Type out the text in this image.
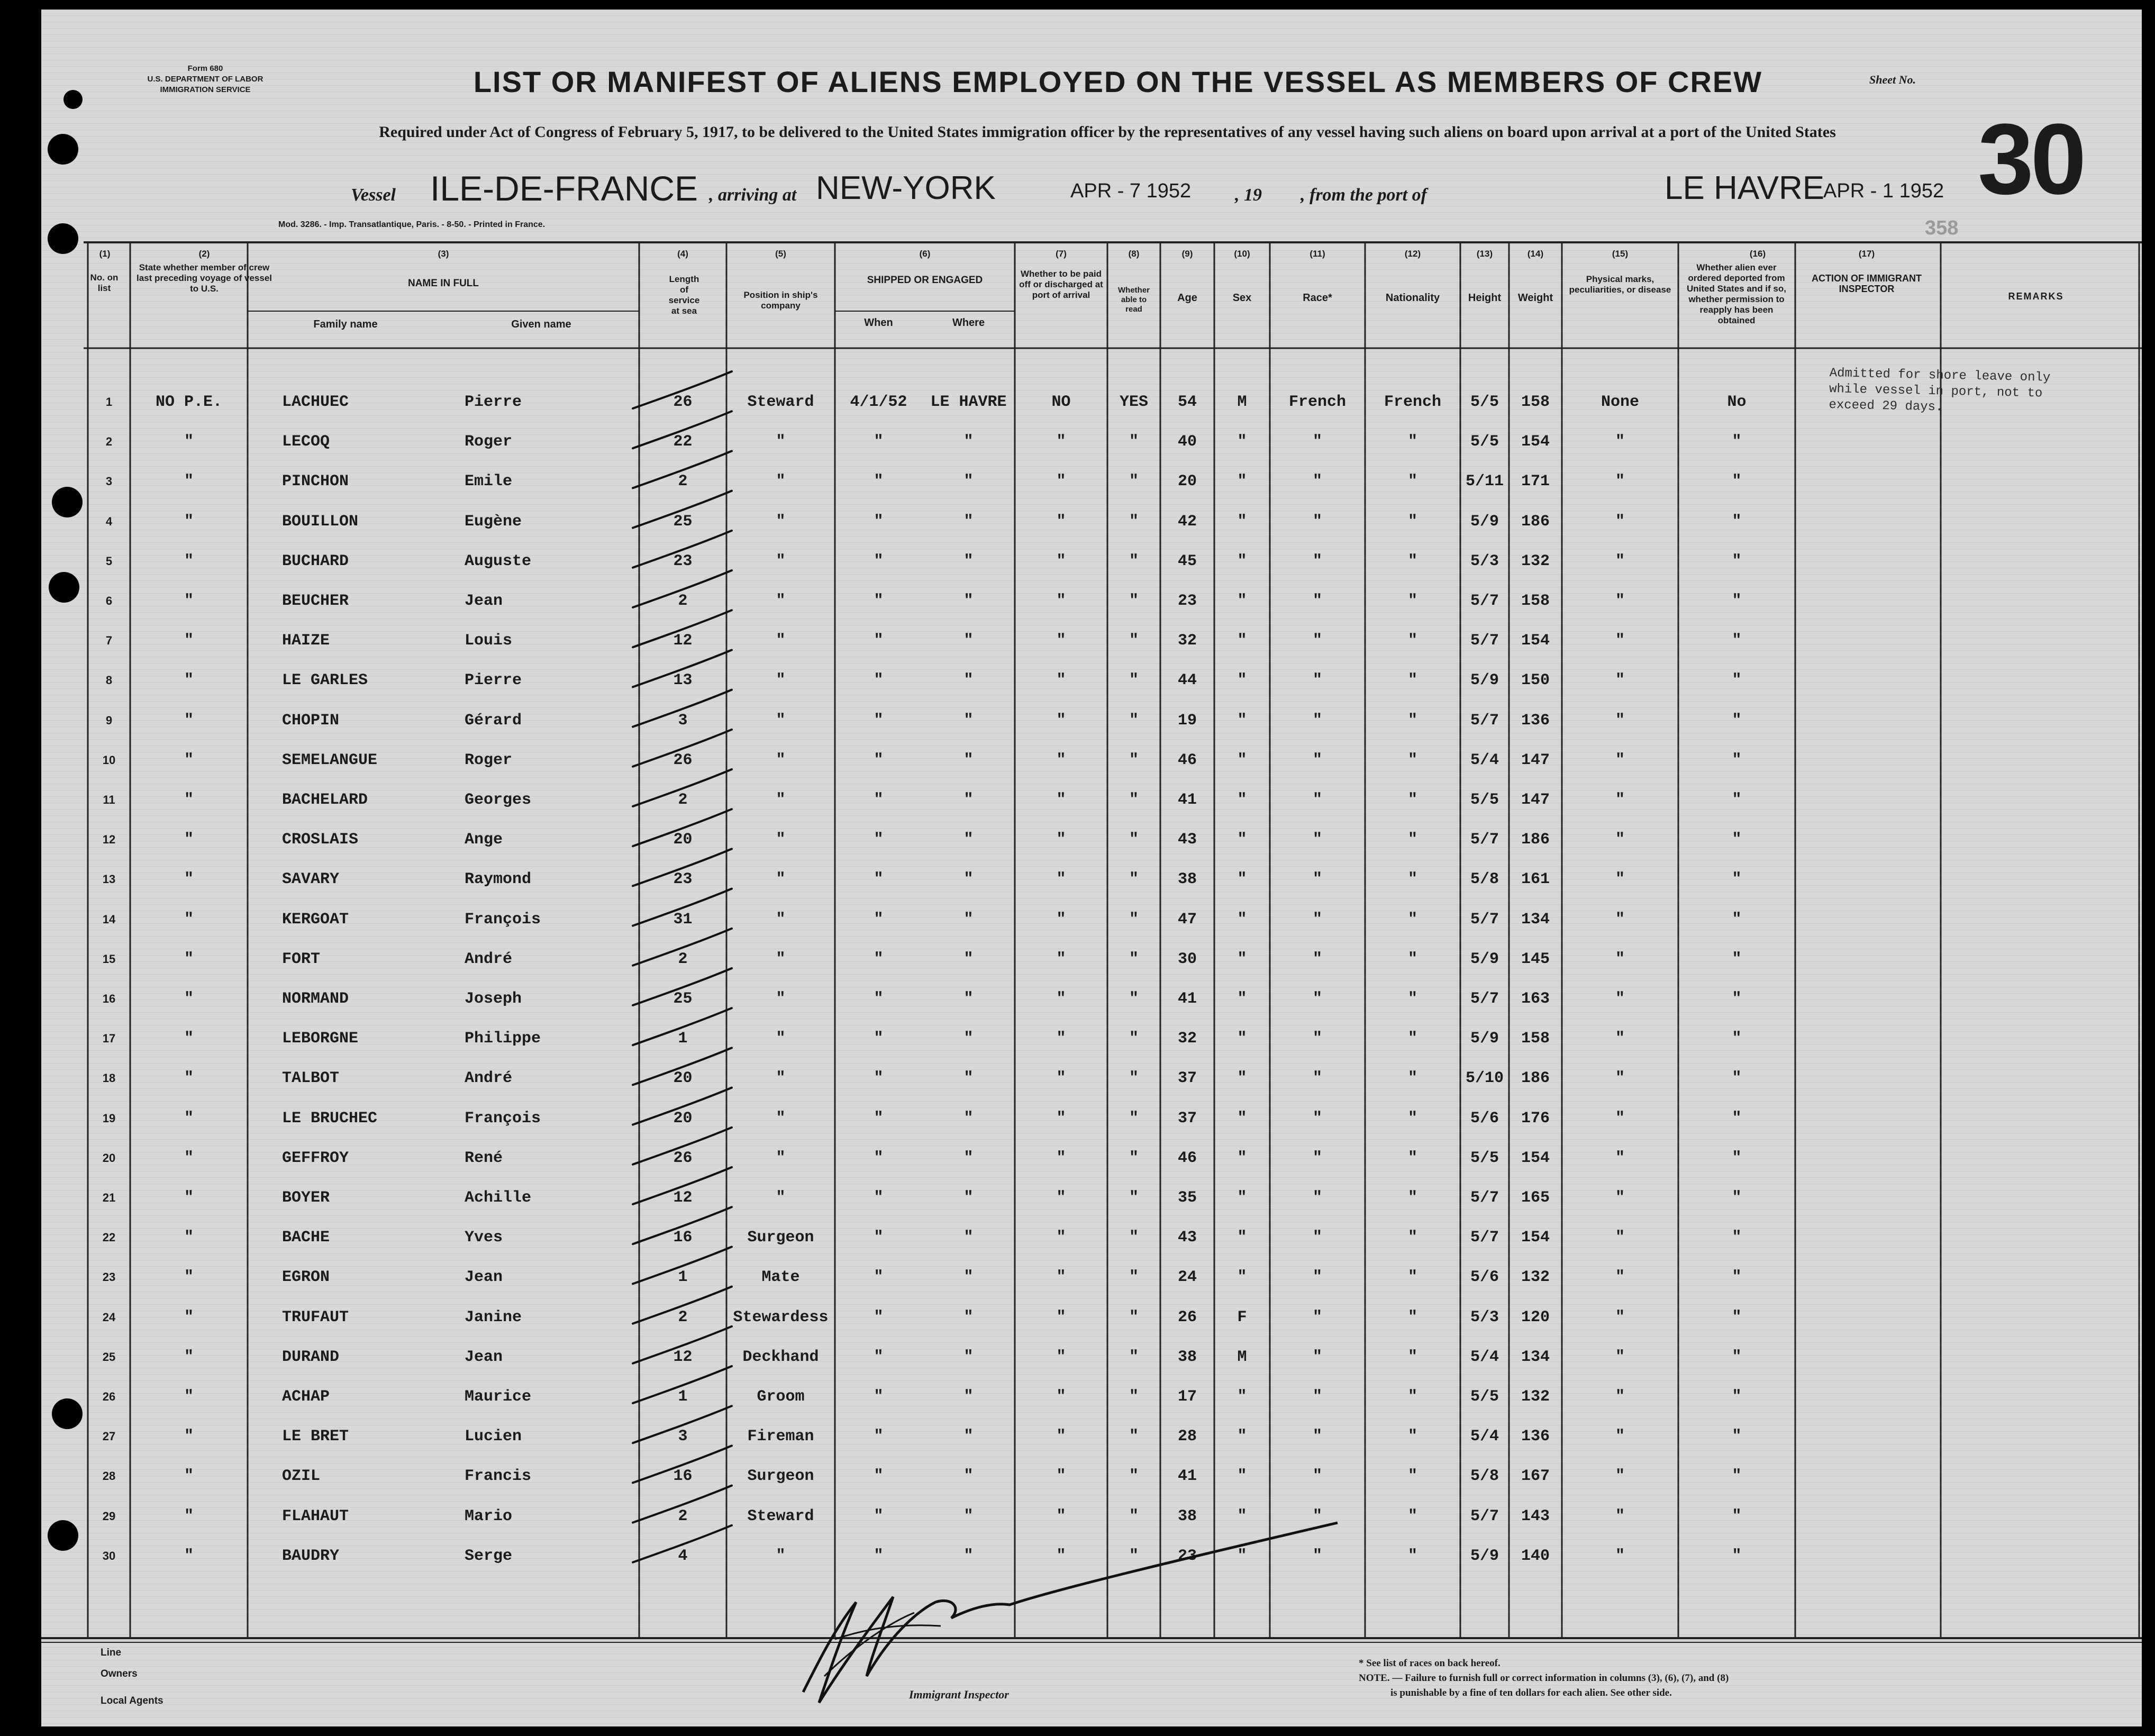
Form 680
U.S. DEPARTMENT OF LABOR
IMMIGRATION SERVICE	LIST OR MANIFEST OF ALIENS EMPLOYED ON THE VESSEL AS MEMBERS OF CREW	Sheet No.
30
358
Required under Act of Congress of February 5, 1917, to be delivered to the United States immigration officer by the representatives of any vessel having such aliens on board upon arrival at a port of the United States
Vessel ILE-DE-FRANCE , arriving at NEW-YORK	APR - 7 1952 , 19 , from the port of	LE HAVRE
APR - 1 1952
Mod. 3286. - Imp. Transatlantique, Paris. - 8-50. - Printed in France.
(1)
No. on list
(2)
State whether member of crew last preceding voyage of vessel to U.S.
(3)
NAME IN FULL
Family name	Given name
(4)
Length of service at sea
(5)
Position in ship's company
(6)
SHIPPED OR ENGAGED
When	Where
(7)
Whether to be paid off or discharged at port of arrival
(8)
Whether able to read
(9)
Age
(10)
Sex
(11)
Race*
(12)
Nationality
(13)
Height
(14)
Weight
(15)
Physical marks, peculiarities, or disease
(16)
Whether alien ever ordered deported from United States and if so, whether permission to reapply has been obtained
(17)
ACTION OF IMMIGRANT INSPECTOR
REMARKS
1	NO P.E.	LACHUEC	Pierre	26	Steward	4/1/52	LE HAVRE	NO	YES	54	M	French	French	5/5	158	None	No
2	"	LECOQ	Roger	22	"	"	"	"	"	40	"	"	"	5/5	154	"	"
3	"	PINCHON	Emile	2	"	"	"	"	"	20	"	"	"	5/11	171	"	"
4	"	BOUILLON	Eugène	25	"	"	"	"	"	42	"	"	"	5/9	186	"	"
5	"	BUCHARD	Auguste	23	"	"	"	"	"	45	"	"	"	5/3	132	"	"
6	"	BEUCHER	Jean	2	"	"	"	"	"	23	"	"	"	5/7	158	"	"
7	"	HAIZE	Louis	12	"	"	"	"	"	32	"	"	"	5/7	154	"	"
8	"	LE GARLES	Pierre	13	"	"	"	"	"	44	"	"	"	5/9	150	"	"
9	"	CHOPIN	Gérard	3	"	"	"	"	"	19	"	"	"	5/7	136	"	"
10	"	SEMELANGUE	Roger	26	"	"	"	"	"	46	"	"	"	5/4	147	"	"
11	"	BACHELARD	Georges	2	"	"	"	"	"	41	"	"	"	5/5	147	"	"
12	"	CROSLAIS	Ange	20	"	"	"	"	"	43	"	"	"	5/7	186	"	"
13	"	SAVARY	Raymond	23	"	"	"	"	"	38	"	"	"	5/8	161	"	"
14	"	KERGOAT	François	31	"	"	"	"	"	47	"	"	"	5/7	134	"	"
15	"	FORT	André	2	"	"	"	"	"	30	"	"	"	5/9	145	"	"
16	"	NORMAND	Joseph	25	"	"	"	"	"	41	"	"	"	5/7	163	"	"
17	"	LEBORGNE	Philippe	1	"	"	"	"	"	32	"	"	"	5/9	158	"	"
18	"	TALBOT	André	20	"	"	"	"	"	37	"	"	"	5/10	186	"	"
19	"	LE BRUCHEC	François	20	"	"	"	"	"	37	"	"	"	5/6	176	"	"
20	"	GEFFROY	René	26	"	"	"	"	"	46	"	"	"	5/5	154	"	"
21	"	BOYER	Achille	12	"	"	"	"	"	35	"	"	"	5/7	165	"	"
22	"	BACHE	Yves	16	Surgeon	"	"	"	"	43	"	"	"	5/7	154	"	"
23	"	EGRON	Jean	1	Mate	"	"	"	"	24	"	"	"	5/6	132	"	"
24	"	TRUFAUT	Janine	2	Stewardess	"	"	"	"	26	F	"	"	5/3	120	"	"
25	"	DURAND	Jean	12	Deckhand	"	"	"	"	38	M	"	"	5/4	134	"	"
26	"	ACHAP	Maurice	1	Groom	"	"	"	"	17	"	"	"	5/5	132	"	"
27	"	LE BRET	Lucien	3	Fireman	"	"	"	"	28	"	"	"	5/4	136	"	"
28	"	OZIL	Francis	16	Surgeon	"	"	"	"	41	"	"	"	5/8	167	"	"
29	"	FLAHAUT	Mario	2	Steward	"	"	"	"	38	"	"	"	5/7	143	"	"
30	"	BAUDRY	Serge	4	"	"	"	"	"	23	"	"	"	5/9	140	"	"
Admitted for shore leave only while vessel in port, not to exceed 29 days.
Line
Owners
Local Agents	Immigrant Inspector
* See list of races on back hereof.
NOTE. — Failure to furnish full or correct information in columns (3), (6), (7), and (8)
is punishable by a fine of ten dollars for each alien. See other side.
